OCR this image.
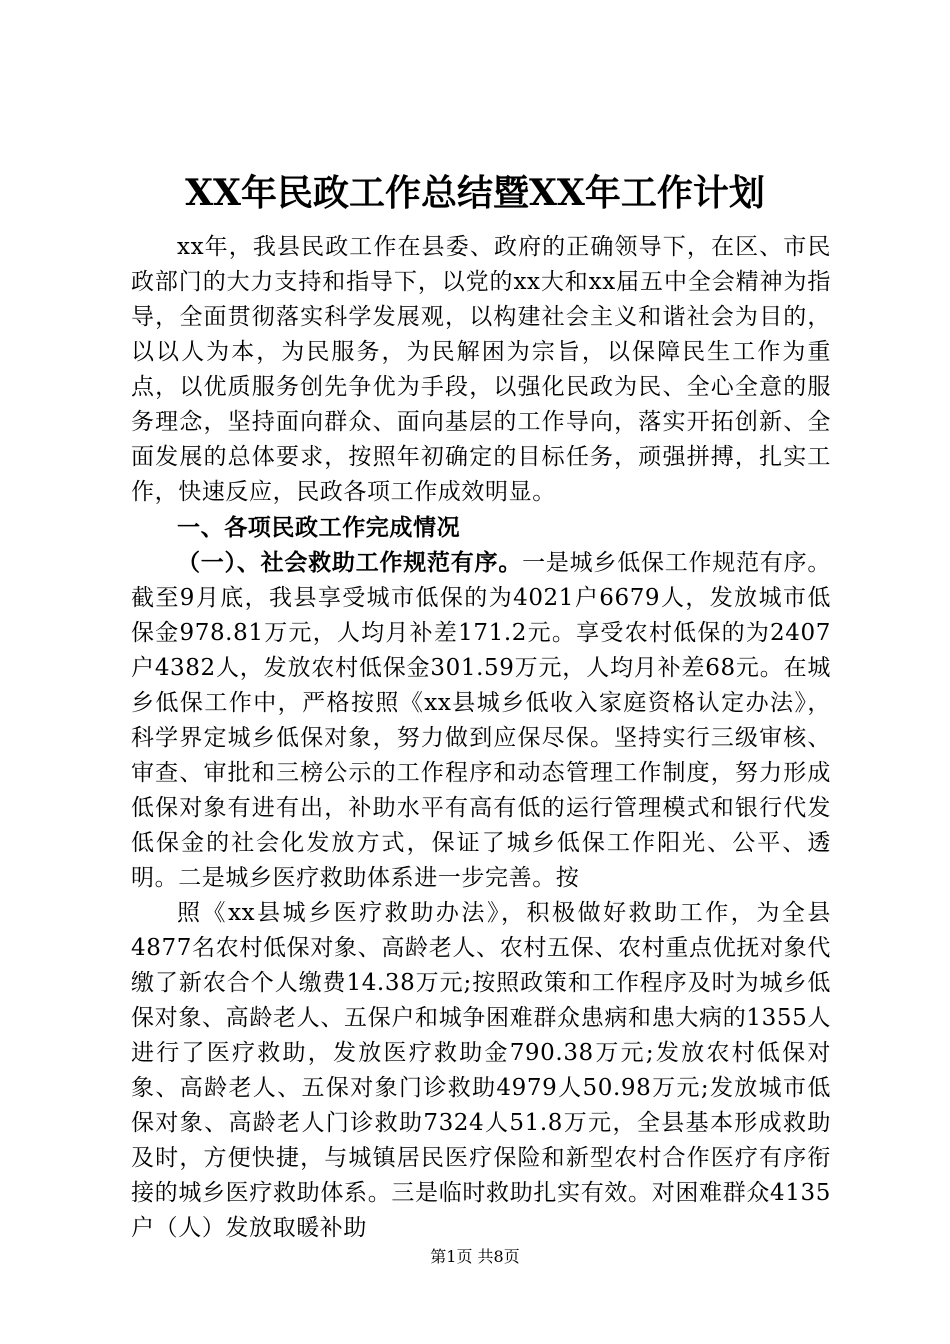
XX年民政工作总结暨XX年工作计划

xx年，我县民政工作在县委、政府的正确领导下，在区、市民政部门的大力支持和指导下，以党的xx大和xx届五中全会精神为指导，全面贯彻落实科学发展观，以构建社会主义和谐社会为目的，以以人为本，为民服务，为民解困为宗旨，以保障民生工作为重点，以优质服务创先争优为手段，以强化民政为民、全心全意的服务理念，坚持面向群众、面向基层的工作导向，落实开拓创新、全面发展的总体要求，按照年初确定的目标任务，顽强拼搏，扎实工作，快速反应，民政各项工作成效明显。

一、各项民政工作完成情况

（一）、社会救助工作规范有序。一是城乡低保工作规范有序。截至9月底，我县享受城市低保的为4021户6679人，发放城市低保金978.81万元，人均月补差171.2元。享受农村低保的为2407户4382人，发放农村低保金301.59万元，人均月补差68元。在城乡低保工作中，严格按照《xx县城乡低收入家庭资格认定办法》，科学界定城乡低保对象，努力做到应保尽保。坚持实行三级审核、审查、审批和三榜公示的工作程序和动态管理工作制度，努力形成低保对象有进有出，补助水平有高有低的运行管理模式和银行代发低保金的社会化发放方式，保证了城乡低保工作阳光、公平、透明。二是城乡医疗救助体系进一步完善。按

照《xx县城乡医疗救助办法》，积极做好救助工作，为全县4877名农村低保对象、高龄老人、农村五保、农村重点优抚对象代缴了新农合个人缴费14.38万元;按照政策和工作程序及时为城乡低保对象、高龄老人、五保户和城争困难群众患病和患大病的1355人进行了医疗救助，发放医疗救助金790.38万元;发放农村低保对象、高龄老人、五保对象门诊救助4979人50.98万元;发放城市低保对象、高龄老人门诊救助7324人51.8万元，全县基本形成救助及时，方便快捷，与城镇居民医疗保险和新型农村合作医疗有序衔接的城乡医疗救助体系。三是临时救助扎实有效。对困难群众4135户（人）发放取暖补助

第1页 共8页
